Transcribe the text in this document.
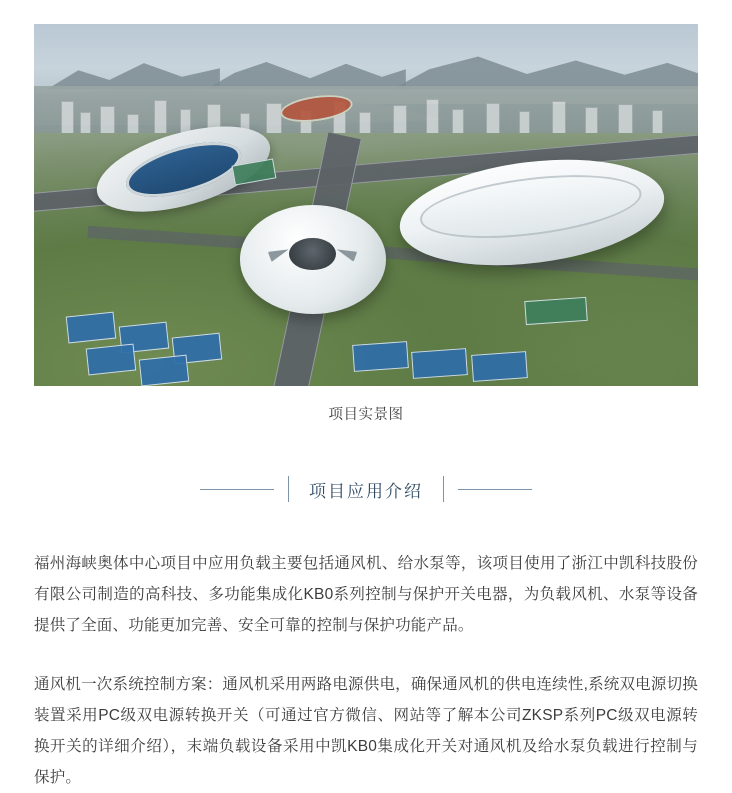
项目实景图
项目应用介绍

福州海峡奥体中心项目中应用负载主要包括通风机、给水泵等，该项目使用了浙江中凯科技股份有限公司制造的高科技、多功能集成化KB0系列控制与保护开关电器，为负载风机、水泵等设备提供了全面、功能更加完善、安全可靠的控制与保护功能产品。

通风机一次系统控制方案：通风机采用两路电源供电，确保通风机的供电连续性,系统双电源切换装置采用PC级双电源转换开关（可通过官方微信、网站等了解本公司ZKSP系列PC级双电源转换开关的详细介绍），末端负载设备采用中凯KB0集成化开关对通风机及给水泵负载进行控制与保护。
